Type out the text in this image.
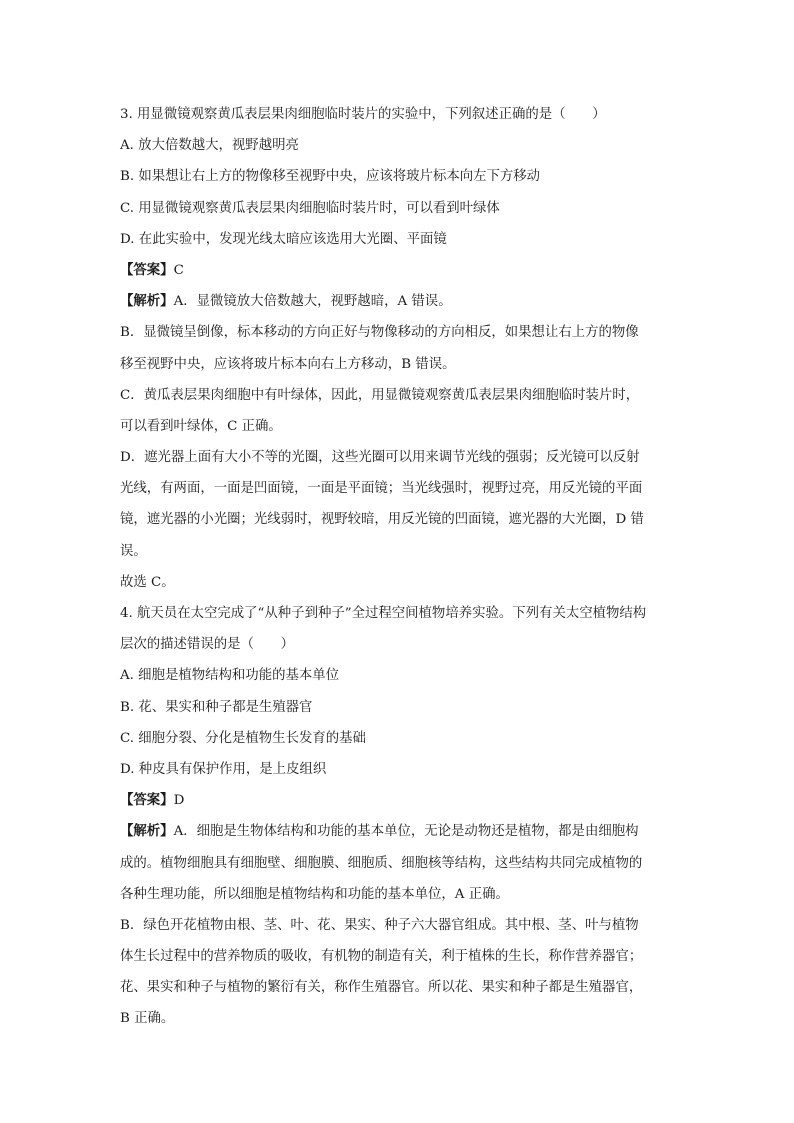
3. 用显微镜观察黄瓜表层果肉细胞临时装片的实验中，下列叙述正确的是（　　）
A. 放大倍数越大，视野越明亮
B. 如果想让右上方的物像移至视野中央，应该将玻片标本向左下方移动
C. 用显微镜观察黄瓜表层果肉细胞临时装片时，可以看到叶绿体
D. 在此实验中，发现光线太暗应该选用大光圈、平面镜
【答案】C
【解析】A．显微镜放大倍数越大，视野越暗，A 错误。
B．显微镜呈倒像，标本移动的方向正好与物像移动的方向相反，如果想让右上方的物像
移至视野中央，应该将玻片标本向右上方移动，B 错误。
C．黄瓜表层果肉细胞中有叶绿体，因此，用显微镜观察黄瓜表层果肉细胞临时装片时，
可以看到叶绿体，C 正确。
D．遮光器上面有大小不等的光圈，这些光圈可以用来调节光线的强弱；反光镜可以反射
光线，有两面，一面是凹面镜，一面是平面镜；当光线强时，视野过亮，用反光镜的平面
镜，遮光器的小光圈；光线弱时，视野较暗，用反光镜的凹面镜，遮光器的大光圈，D 错
误。
故选 C。
4. 航天员在太空完成了“从种子到种子”全过程空间植物培养实验。下列有关太空植物结构
层次的描述错误的是（　　）
A. 细胞是植物结构和功能的基本单位
B. 花、果实和种子都是生殖器官
C. 细胞分裂、分化是植物生长发育的基础
D. 种皮具有保护作用，是上皮组织
【答案】D
【解析】A．细胞是生物体结构和功能的基本单位，无论是动物还是植物，都是由细胞构
成的。植物细胞具有细胞壁、细胞膜、细胞质、细胞核等结构，这些结构共同完成植物的
各种生理功能，所以细胞是植物结构和功能的基本单位，A 正确。
B．绿色开花植物由根、茎、叶、花、果实、种子六大器官组成。其中根、茎、叶与植物
体生长过程中的营养物质的吸收，有机物的制造有关，利于植株的生长，称作营养器官；
花、果实和种子与植物的繁衍有关，称作生殖器官。所以花、果实和种子都是生殖器官，
B 正确。
